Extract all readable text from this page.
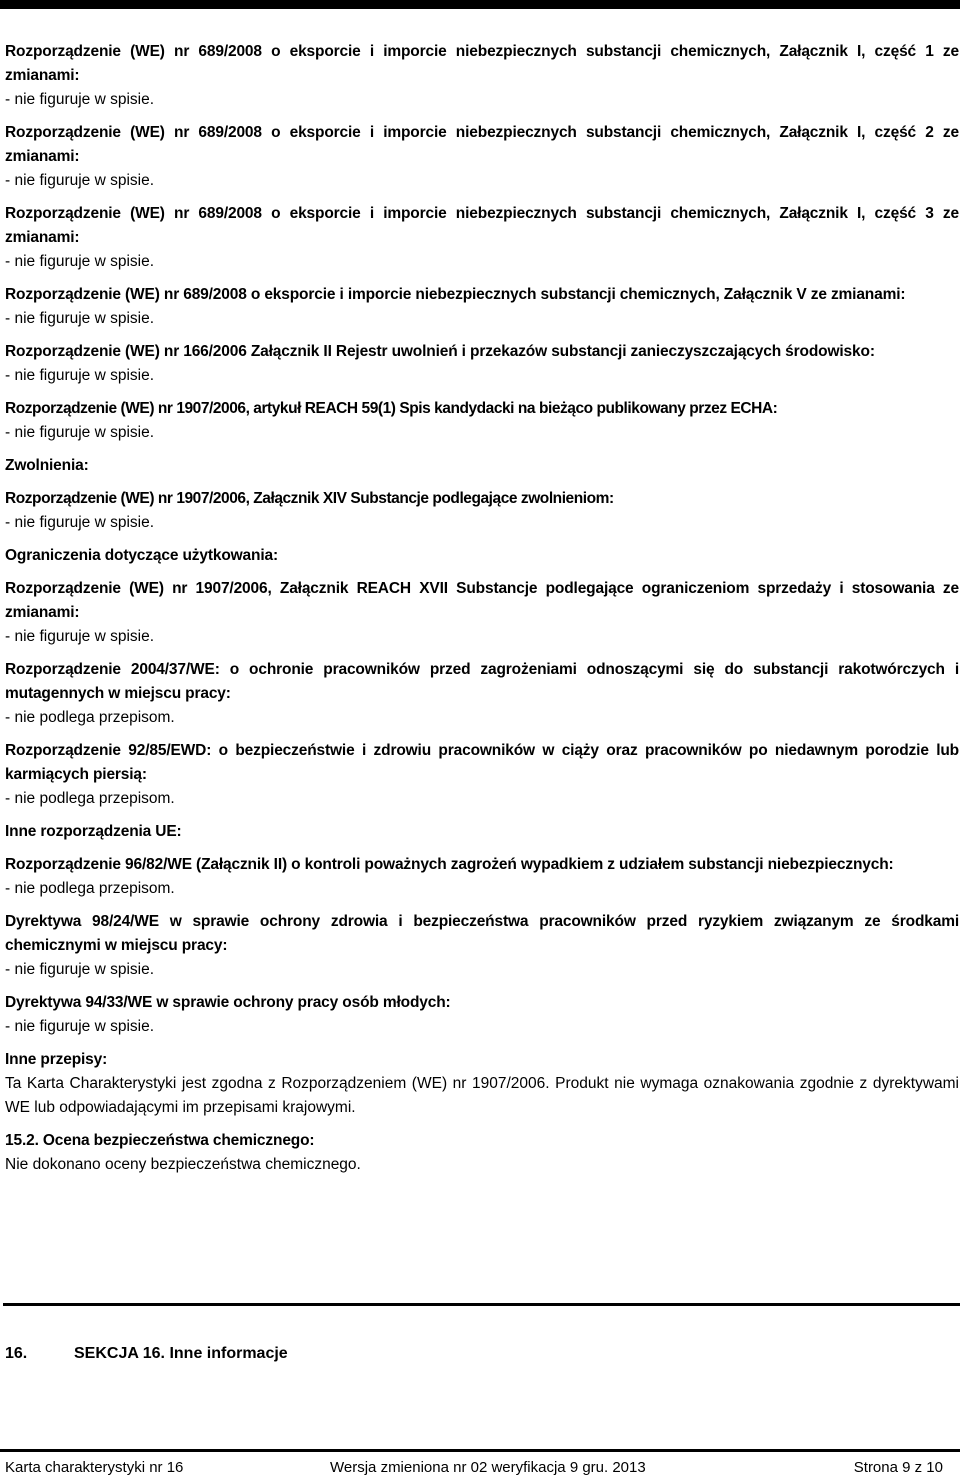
Rozporządzenie (WE) nr 689/2008 o eksporcie i imporcie niebezpiecznych substancji chemicznych, Załącznik I, część 1 ze zmianami:
- nie figuruje w spisie.
Rozporządzenie (WE) nr 689/2008 o eksporcie i imporcie niebezpiecznych substancji chemicznych, Załącznik I, część 2 ze zmianami:
- nie figuruje w spisie.
Rozporządzenie (WE) nr 689/2008 o eksporcie i imporcie niebezpiecznych substancji chemicznych, Załącznik I, część 3 ze zmianami:
- nie figuruje w spisie.
Rozporządzenie (WE) nr 689/2008 o eksporcie i imporcie niebezpiecznych substancji chemicznych, Załącznik V ze zmianami:
- nie figuruje w spisie.
Rozporządzenie (WE) nr 166/2006 Załącznik II Rejestr uwolnień i przekazów substancji zanieczyszczających środowisko:
- nie figuruje w spisie.
Rozporządzenie (WE) nr 1907/2006, artykuł REACH 59(1) Spis kandydacki na bieżąco publikowany przez ECHA:
- nie figuruje w spisie.
Zwolnienia:
Rozporządzenie (WE) nr 1907/2006, Załącznik XIV Substancje podlegające zwolnieniom:
- nie figuruje w spisie.
Ograniczenia dotyczące użytkowania:
Rozporządzenie (WE) nr 1907/2006, Załącznik REACH XVII Substancje podlegające ograniczeniom sprzedaży i stosowania ze zmianami:
- nie figuruje w spisie.
Rozporządzenie 2004/37/WE: o ochronie pracowników przed zagrożeniami odnoszącymi się do substancji rakotwórczych i mutagennych w miejscu pracy:
- nie podlega przepisom.
Rozporządzenie 92/85/EWD: o bezpieczeństwie i zdrowiu pracowników w ciąży oraz pracowników po niedawnym porodzie lub karmiących piersią:
- nie podlega przepisom.
Inne rozporządzenia UE:
Rozporządzenie 96/82/WE (Załącznik II) o kontroli poważnych zagrożeń wypadkiem z udziałem substancji niebezpiecznych:
- nie podlega przepisom.
Dyrektywa 98/24/WE w sprawie ochrony zdrowia i bezpieczeństwa pracowników przed ryzykiem związanym ze środkami chemicznymi w miejscu pracy:
- nie figuruje w spisie.
Dyrektywa 94/33/WE w sprawie ochrony pracy osób młodych:
- nie figuruje w spisie.
Inne przepisy:
Ta Karta Charakterystyki jest zgodna z Rozporządzeniem (WE) nr 1907/2006. Produkt nie wymaga oznakowania zgodnie z dyrektywami WE lub odpowiadającymi im przepisami krajowymi.
15.2. Ocena bezpieczeństwa chemicznego:
Nie dokonano oceny bezpieczeństwa chemicznego.
16.	SEKCJA 16. Inne informacje
Karta charakterystyki nr 16	Wersja zmieniona nr 02 weryfikacja 9 gru. 2013	Strona 9 z 10
